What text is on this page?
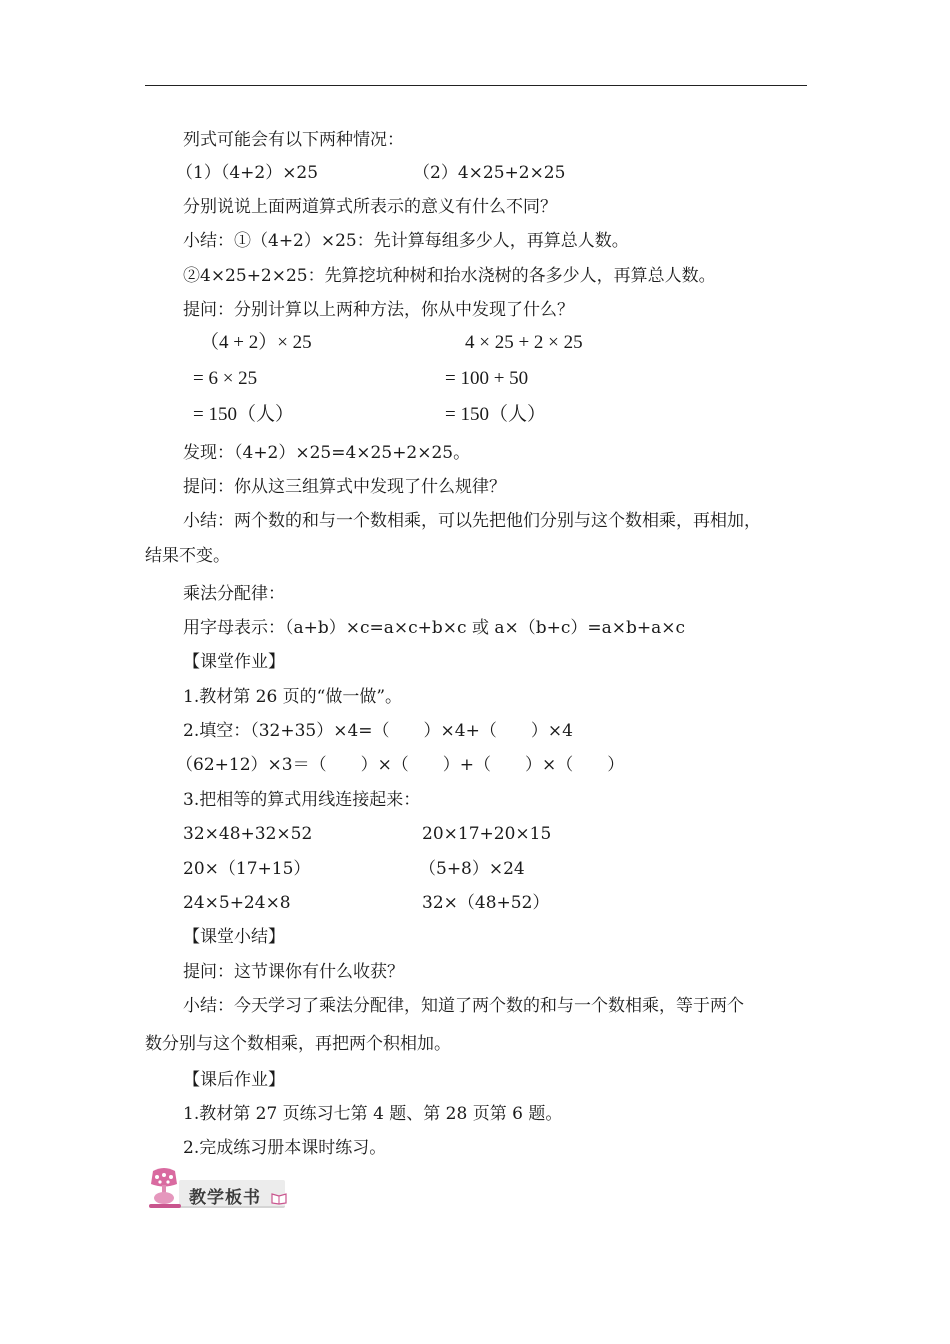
列式可能会有以下两种情况：
（1）（4+2）×25	（2）4×25+2×25
分别说说上面两道算式所表示的意义有什么不同？
小结：①（4+2）×25：先计算每组多少人，再算总人数。
②4×25+2×25：先算挖坑种树和抬水浇树的各多少人，再算总人数。
提问：分别计算以上两种方法，你从中发现了什么？
（4 + 2）× 25
= 6 × 25
= 150（人）
4 × 25 + 2 × 25
= 100 + 50
= 150（人）
发现：（4+2）×25=4×25+2×25。
提问：你从这三组算式中发现了什么规律？
小结：两个数的和与一个数相乘，可以先把他们分别与这个数相乘，再相加，
结果不变。
乘法分配律：
用字母表示：（a+b）×c=a×c+b×c 或 a×（b+c）=a×b+a×c
【课堂作业】
1.教材第 26 页的“做一做”。
2.填空：（32+35）×4=（　　）×4+（　　）×4
（62+12）×3＝（　　）×（　　）+（　　）×（　　）
3.把相等的算式用线连接起来：
32×48+32×52
20×（17+15）
24×5+24×8
20×17+20×15
（5+8）×24
32×（48+52）
【课堂小结】
提问：这节课你有什么收获？
小结：今天学习了乘法分配律，知道了两个数的和与一个数相乘，等于两个
数分别与这个数相乘，再把两个积相加。
【课后作业】
1.教材第 27 页练习七第 4 题、第 28 页第 6 题。
2.完成练习册本课时练习。
教学板书
